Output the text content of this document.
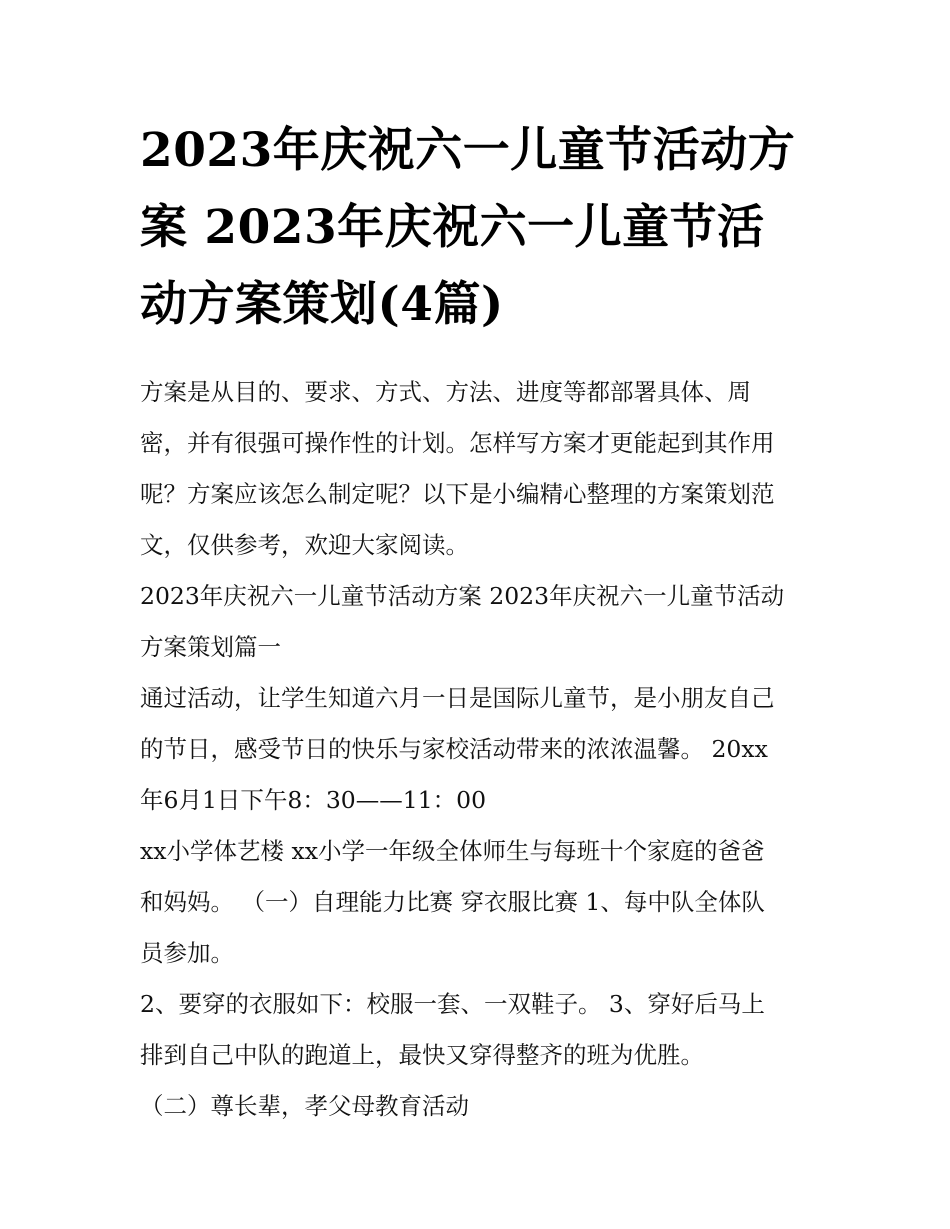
2023年庆祝六一儿童节活动方
案 2023年庆祝六一儿童节活
动方案策划(4篇)

方案是从目的、要求、方式、方法、进度等都部署具体、周
密，并有很强可操作性的计划。怎样写方案才更能起到其作用
呢？方案应该怎么制定呢？以下是小编精心整理的方案策划范
文，仅供参考，欢迎大家阅读。

2023年庆祝六一儿童节活动方案 2023年庆祝六一儿童节活动
方案策划篇一

通过活动，让学生知道六月一日是国际儿童节，是小朋友自己
的节日，感受节日的快乐与家校活动带来的浓浓温馨。 20xx
年6月1日下午8：30——11：00

xx小学体艺楼 xx小学一年级全体师生与每班十个家庭的爸爸
和妈妈。 （一）自理能力比赛 穿衣服比赛 1、每中队全体队
员参加。

2、要穿的衣服如下：校服一套、一双鞋子。 3、穿好后马上
排到自己中队的跑道上，最快又穿得整齐的班为优胜。

（二）尊长辈，孝父母教育活动
